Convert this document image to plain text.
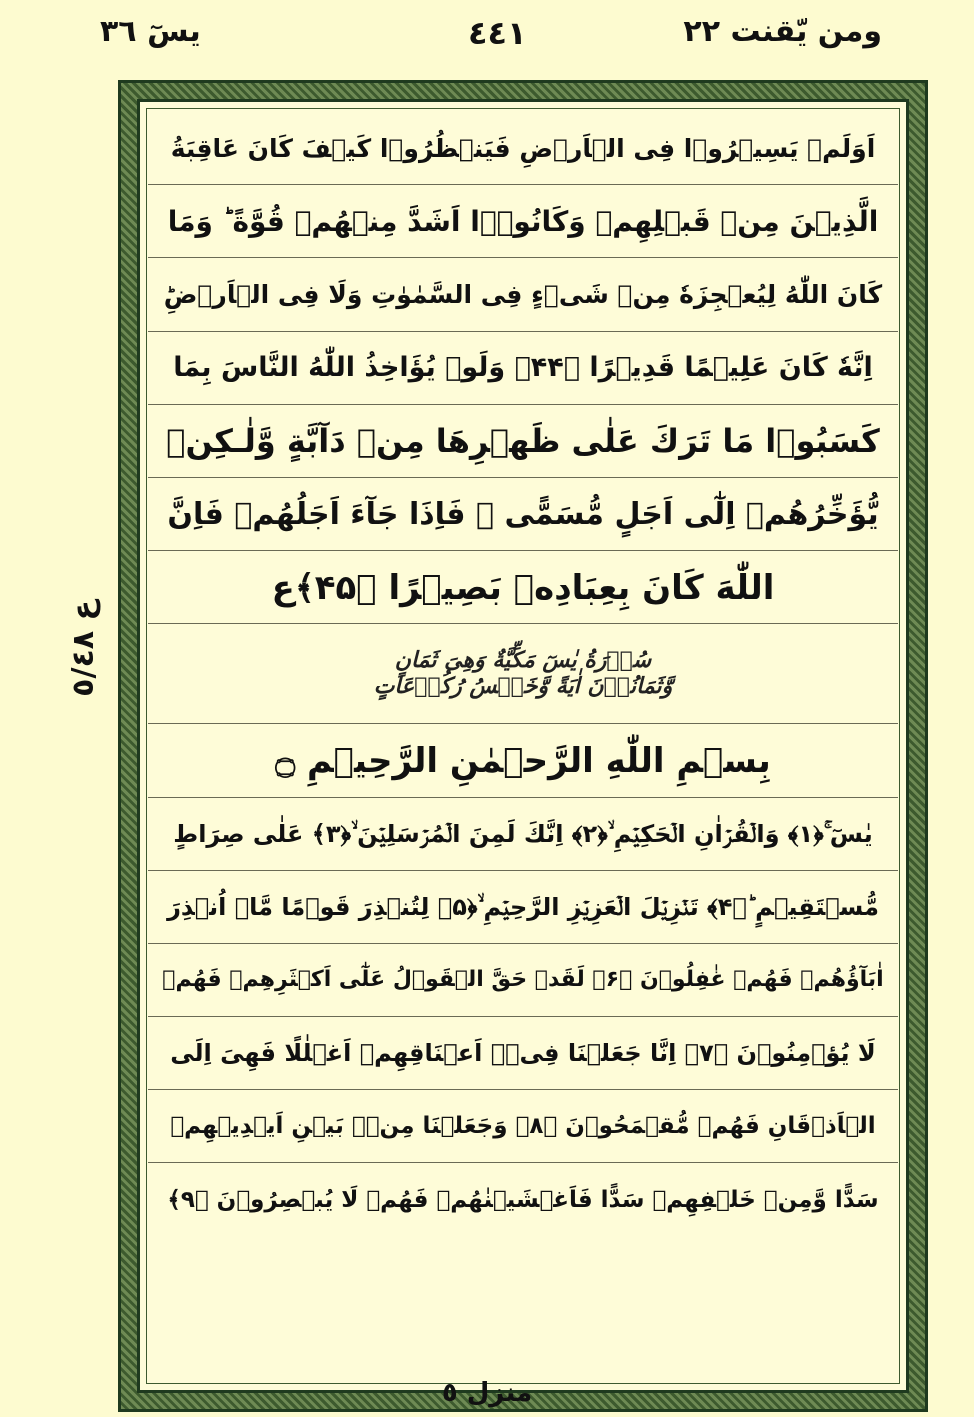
ومن يّقنت ٢٢
٤٤١
يسٓ ٣٦
ع ٥/٤٨
اَوَلَمۡ يَسِيۡرُوۡا فِى الۡاَرۡضِ فَيَنۡظُرُوۡا كَيۡفَ كَانَ عَاقِبَةُ
الَّذِيۡنَ مِنۡ قَبۡلِهِمۡ وَكَانُوۡۤا اَشَدَّ مِنۡهُمۡ قُوَّةً ؕ وَمَا
كَانَ اللّٰهُ لِيُعۡجِزَهٗ مِنۡ شَىۡءٍ فِى السَّمٰوٰتِ وَلَا فِى الۡاَرۡضِؕ
اِنَّهٗ كَانَ عَلِيۡمًا قَدِيۡرًا ﴿۴۴﴾ وَلَوۡ يُؤَاخِذُ اللّٰهُ النَّاسَ بِمَا
كَسَبُوۡا مَا تَرَكَ عَلٰى ظَهۡرِهَا مِنۡ دَآبَّةٍ وَّلٰـكِنۡ
يُّؤَخِّرُهُمۡ اِلٰٓى اَجَلٍ مُّسَمًّى ۚ فَاِذَا جَآءَ اَجَلُهُمۡ فَاِنَّ
اللّٰهَ كَانَ بِعِبَادِهٖ بَصِيۡرًا ﴿۴۵﴾ع
سُوۡرَةُ يٰسٓ مَكِّيَّةٌ وَهِىَ ثَمَانٍ وَّثَمَانُوۡنَ اٰيَةً وَّخَمۡسُ رُكُوۡعَاتٍ
بِسۡمِ اللّٰهِ الرَّحۡمٰنِ الرَّحِيۡمِ ۝
يٰسٓ ۚ﴿۱﴾ وَالۡقُرۡاٰنِ الۡحَكِيۡمِ ۙ﴿۲﴾ اِنَّكَ لَمِنَ الۡمُرۡسَلِيۡنَ ۙ﴿۳﴾ عَلٰى صِرَاطٍ
مُّسۡتَقِيۡمٍ ؕ﴿۴﴾ تَنۡزِيۡلَ الۡعَزِيۡزِ الرَّحِيۡمِ ۙ﴿۵﴾ لِتُنۡذِرَ قَوۡمًا مَّاۤ اُنۡذِرَ
اٰبَآؤُهُمۡ فَهُمۡ غٰفِلُوۡنَ ﴿۶﴾ لَقَدۡ حَقَّ الۡقَوۡلُ عَلٰٓى اَكۡثَرِهِمۡ فَهُمۡ
لَا يُؤۡمِنُوۡنَ ﴿۷﴾ اِنَّا جَعَلۡنَا فِىۡۤ اَعۡنَاقِهِمۡ اَغۡلٰلًا فَهِىَ اِلَى
الۡاَذۡقَانِ فَهُمۡ مُّقۡمَحُوۡنَ ﴿۸﴾ وَجَعَلۡنَا مِنۡۢ بَيۡنِ اَيۡدِيۡهِمۡ
سَدًّا وَّمِنۡ خَلۡفِهِمۡ سَدًّا فَاَغۡشَيۡنٰهُمۡ فَهُمۡ لَا يُبۡصِرُوۡنَ ﴿۹﴾
منزل ٥
